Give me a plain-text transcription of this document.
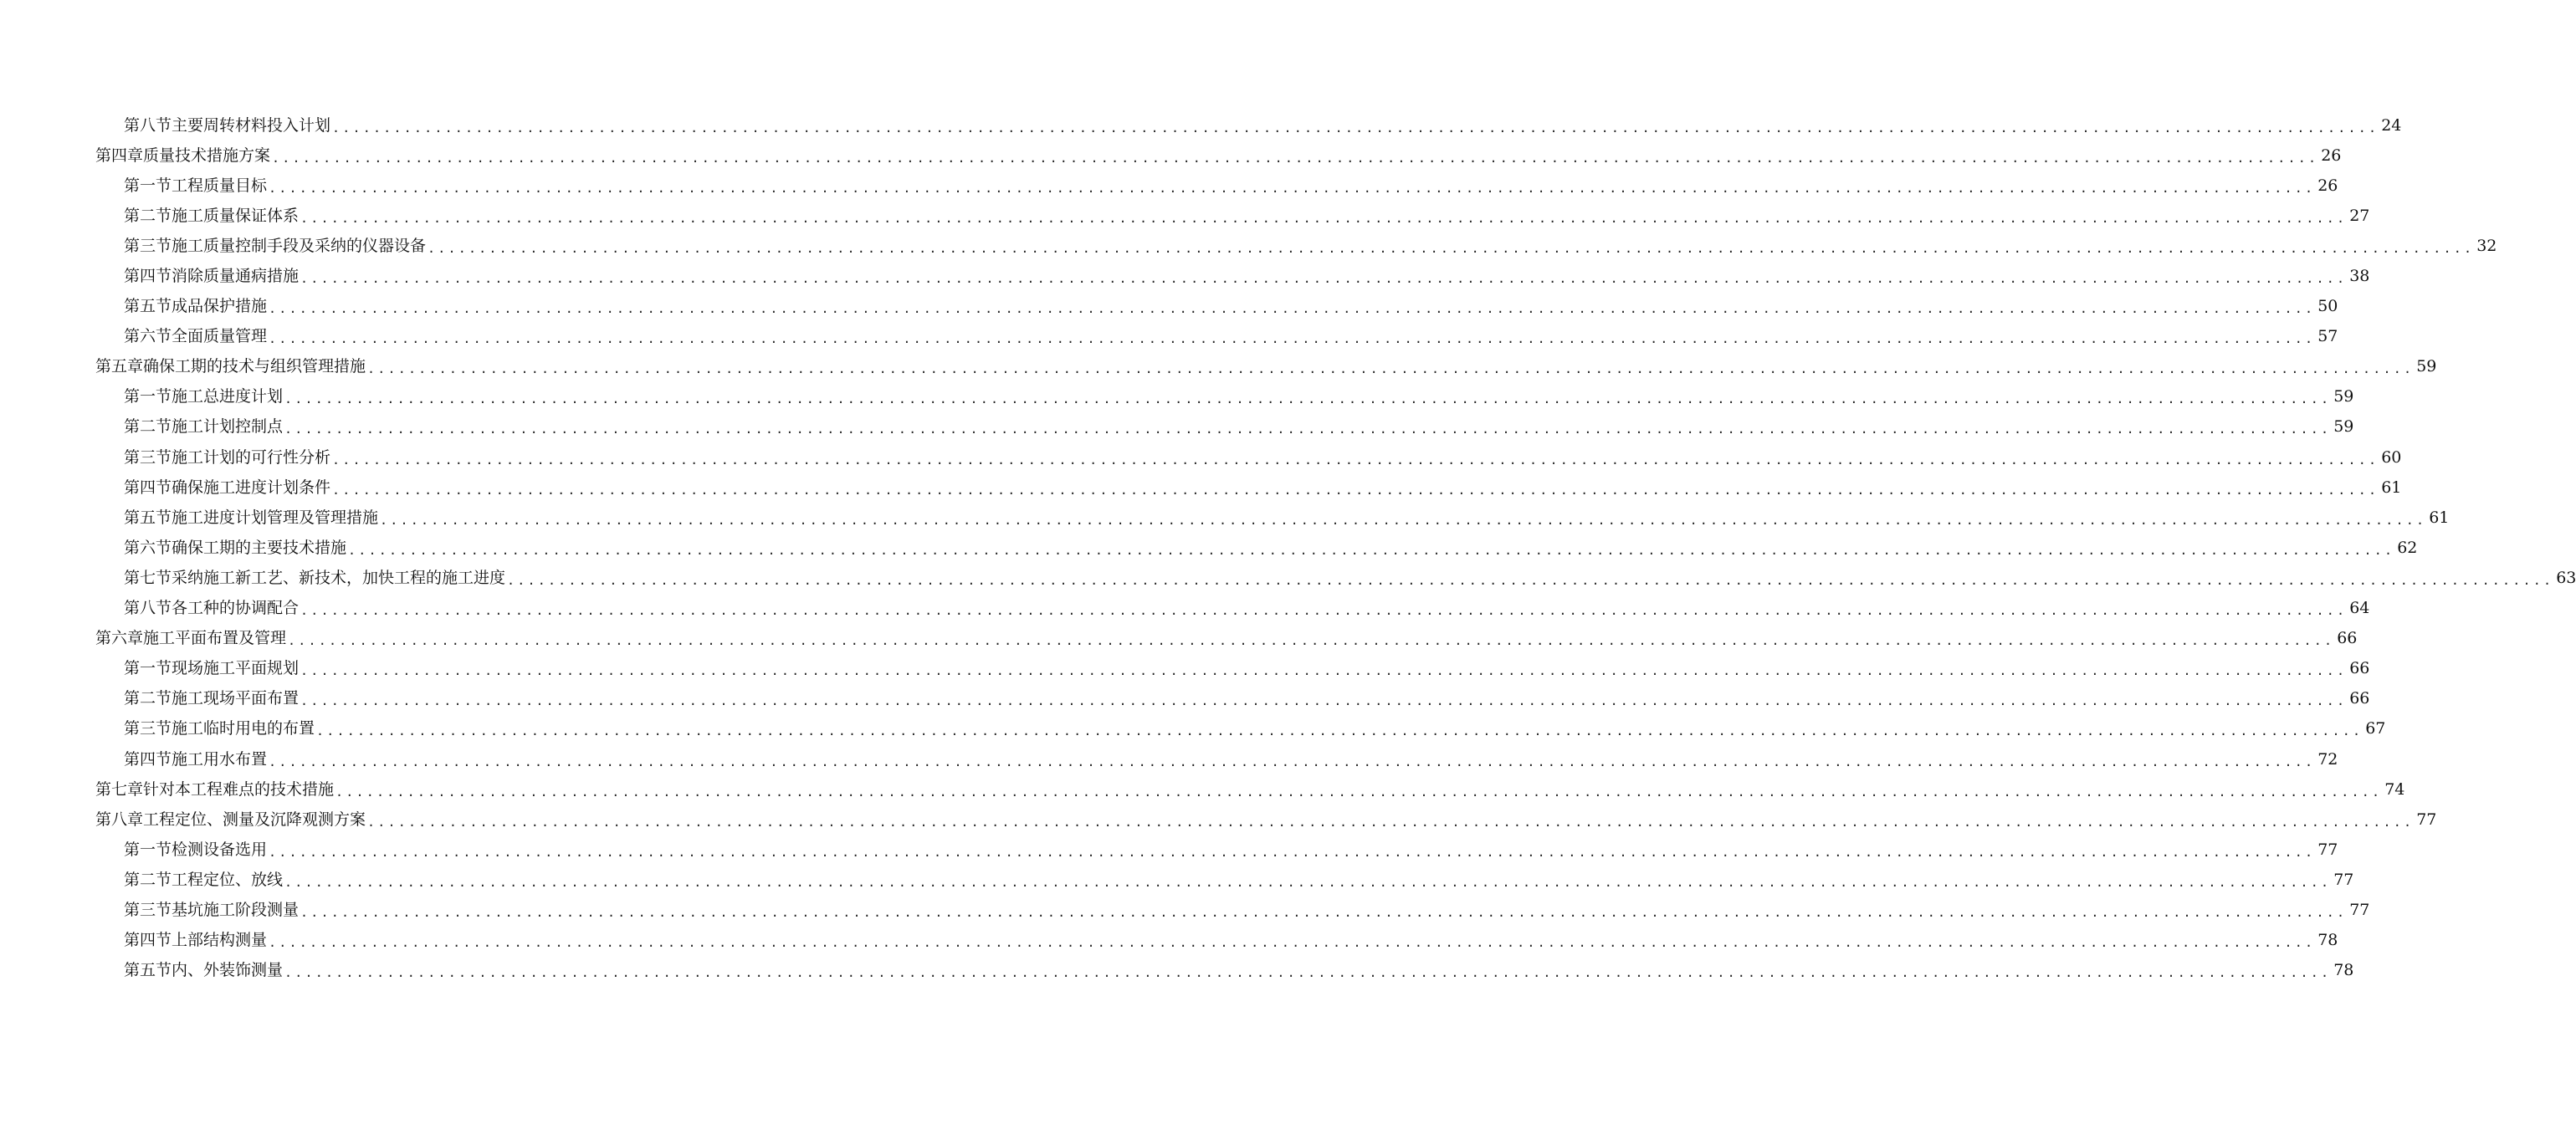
第八节 主要周转材料投入计划 ........................................................................................................................................................................................................ 24
第四章 质量技术措施方案 ........................................................................................................................................................................................................ 26
第一节 工程质量目标 ........................................................................................................................................................................................................ 26
第二节 施工质量保证体系 ........................................................................................................................................................................................................ 27
第三节 施工质量控制手段及采纳的仪器设备 ........................................................................................................................................................................................................ 32
第四节 消除质量通病措施 ........................................................................................................................................................................................................ 38
第五节 成品保护措施 ........................................................................................................................................................................................................ 50
第六节 全面质量管理 ........................................................................................................................................................................................................ 57
第五章 确保工期的技术与组织管理措施 ........................................................................................................................................................................................................ 59
第一节 施工总进度计划 ........................................................................................................................................................................................................ 59
第二节 施工计划控制点 ........................................................................................................................................................................................................ 59
第三节 施工计划的可行性分析 ........................................................................................................................................................................................................ 60
第四节 确保施工进度计划条件 ........................................................................................................................................................................................................ 61
第五节 施工进度计划管理及管理措施 ........................................................................................................................................................................................................ 61
第六节 确保工期的主要技术措施 ........................................................................................................................................................................................................ 62
第七节 采纳施工新工艺、新技术，加快工程的施工进度 ........................................................................................................................................................................................................ 63
第八节 各工种的协调配合 ........................................................................................................................................................................................................ 64
第六章 施工平面布置及管理 ........................................................................................................................................................................................................ 66
第一节 现场施工平面规划 ........................................................................................................................................................................................................ 66
第二节 施工现场平面布置 ........................................................................................................................................................................................................ 66
第三节 施工临时用电的布置 ........................................................................................................................................................................................................ 67
第四节 施工用水布置 ........................................................................................................................................................................................................ 72
第七章 针对本工程难点的技术措施 ........................................................................................................................................................................................................ 74
第八章 工程定位、测量及沉降观测方案 ........................................................................................................................................................................................................ 77
第一节 检测设备选用 ........................................................................................................................................................................................................ 77
第二节 工程定位、放线 ........................................................................................................................................................................................................ 77
第三节 基坑施工阶段测量 ........................................................................................................................................................................................................ 77
第四节 上部结构测量 ........................................................................................................................................................................................................ 78
第五节 内、外装饰测量 ........................................................................................................................................................................................................ 78
